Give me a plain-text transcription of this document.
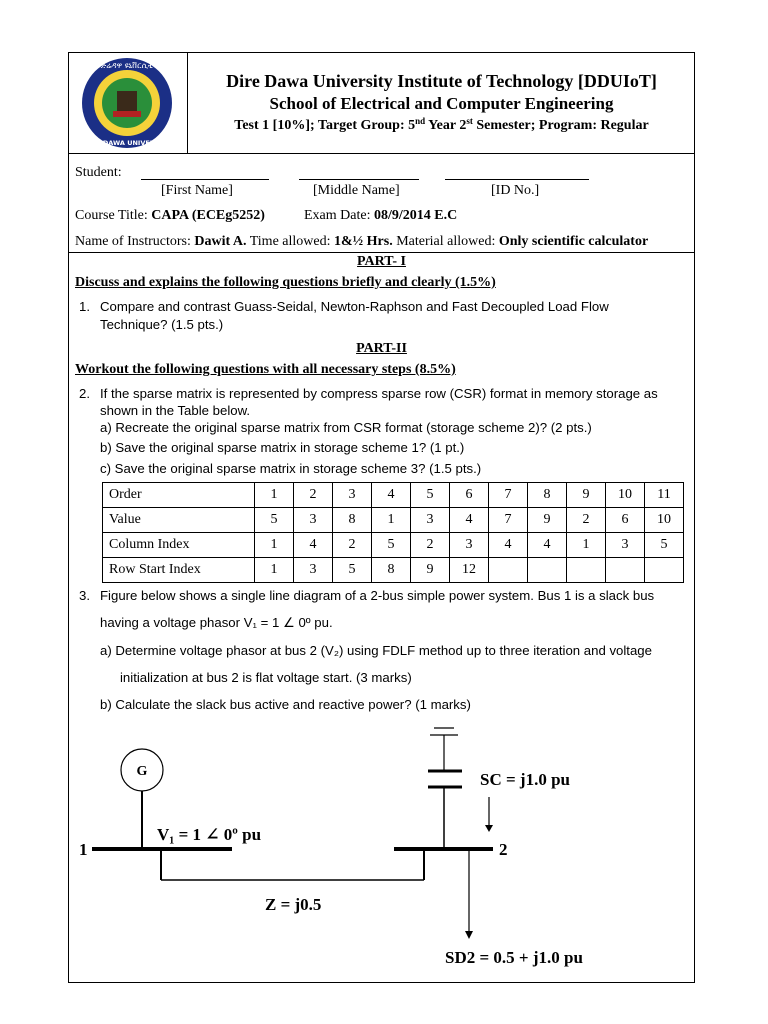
ድሬዳዋ ዩኒቨርሲቲ
DIRE-DAWA UNIVERSITY
Dire Dawa University Institute of Technology [DDUIoT]
School of Electrical and Computer Engineering
Test 1 [10%]; Target Group: 5nd Year 2st Semester; Program: Regular
Student:
[First Name]	[Middle Name]	[ID No.]
Course Title: CAPA (ECEg5252)	Exam Date: 08/9/2014 E.C
Name of Instructors: Dawit A. Time allowed: 1&½ Hrs. Material allowed: Only scientific calculator
PART- I
Discuss and explains the following questions briefly and clearly (1.5%)
1. Compare and contrast Guass-Seidal, Newton-Raphson and Fast Decoupled Load Flow
Technique? (1.5 pts.)
PART-II
Workout the following questions with all necessary steps (8.5%)
2. If the sparse matrix is represented by compress sparse row (CSR) format in memory storage as
shown in the Table below.
a) Recreate the original sparse matrix from CSR format (storage scheme 2)? (2 pts.)
b) Save the original sparse matrix in storage scheme 1? (1 pt.)
c) Save the original sparse matrix in storage scheme 3? (1.5 pts.)
Order	1	2	3	4	5	6	7	8	9	10	11
Value	5	3	8	1	3	4	7	9	2	6	10
Column Index	1	4	2	5	2	3	4	4	1	3	5
Row Start Index	1	3	5	8	9	12					
3. Figure below shows a single line diagram of a 2-bus simple power system. Bus 1 is a slack bus
having a voltage phasor V₁ = 1 ∠ 0º pu.
a) Determine voltage phasor at bus 2 (V₂) using FDLF method up to three iteration and voltage
initialization at bus 2 is flat voltage start. (3 marks)
b) Calculate the slack bus active and reactive power? (1 marks)
G
1
V₁ = 1 ∠ 0º pu
Z = j0.5
2
SC = j1.0 pu
SD2 = 0.5 + j1.0 pu
